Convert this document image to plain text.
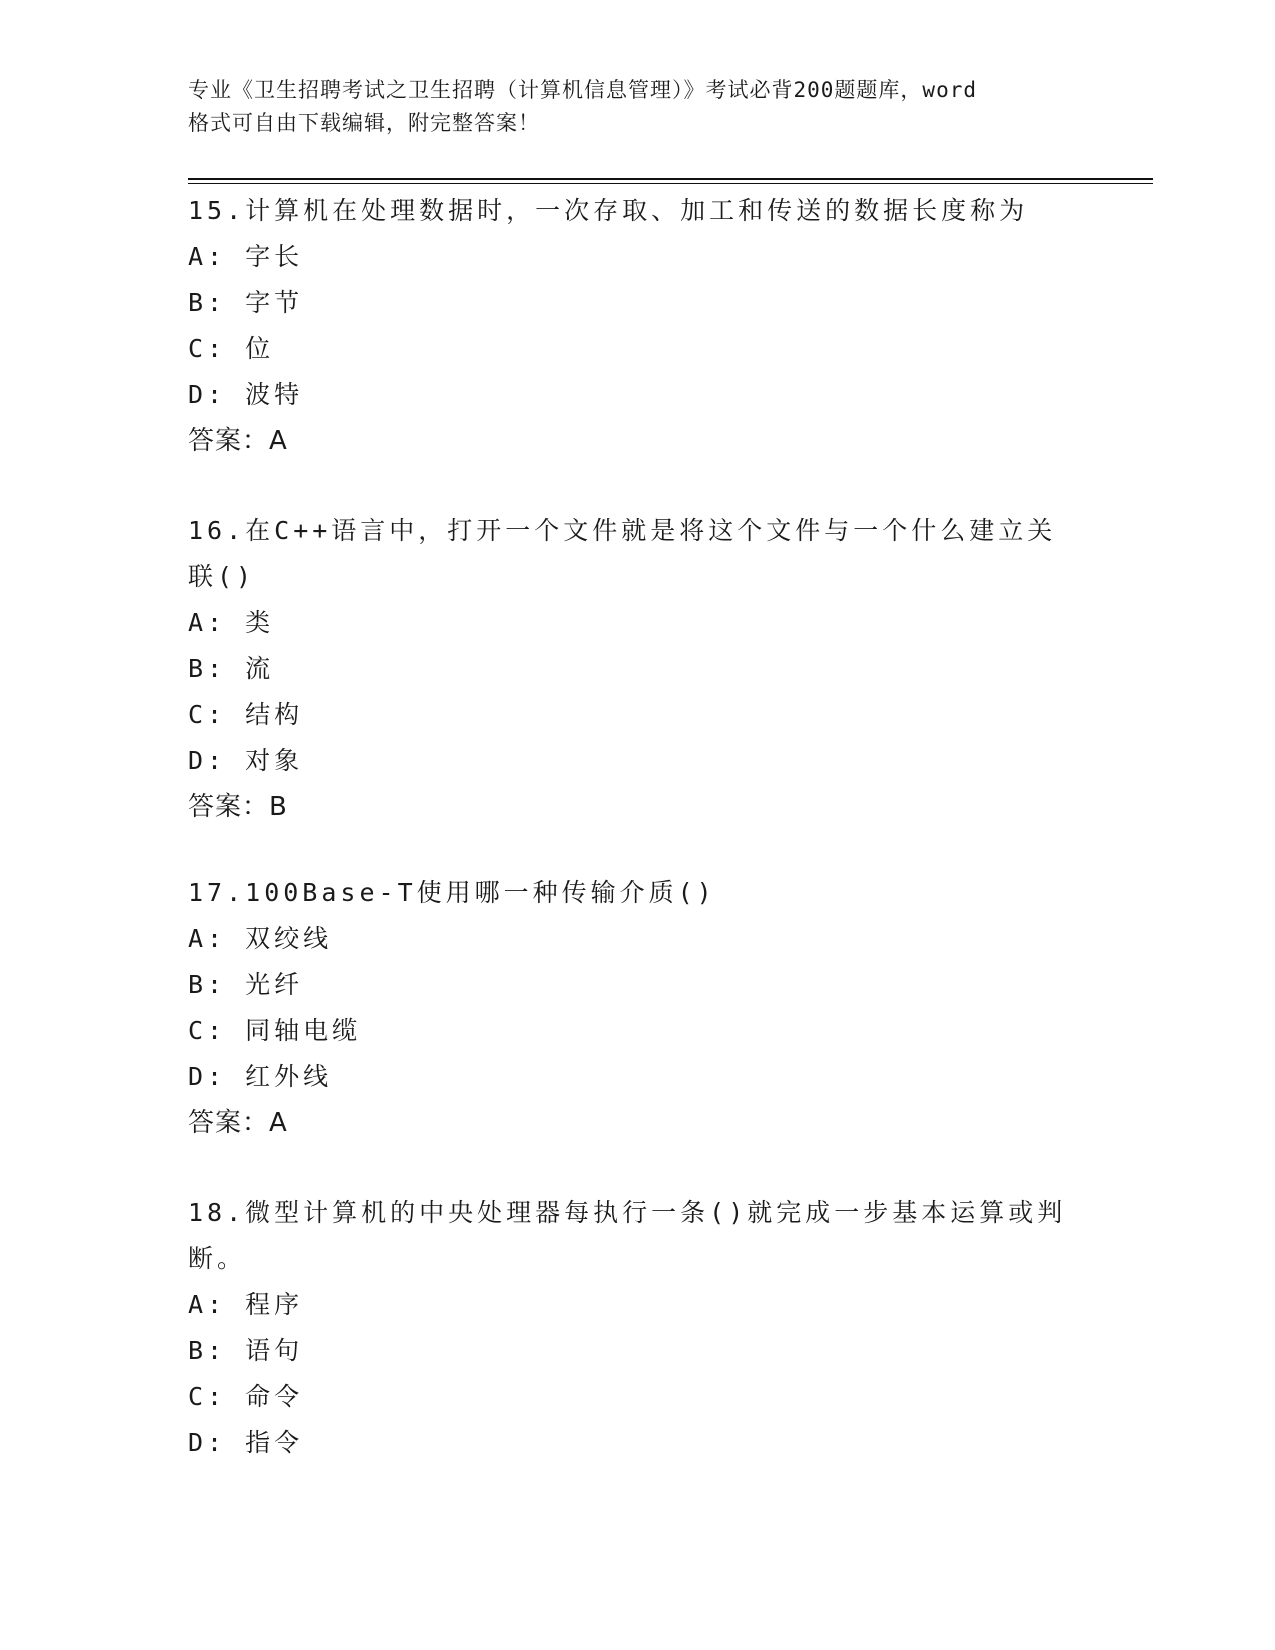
专业《卫生招聘考试之卫生招聘（计算机信息管理）》考试必背200题题库，word
格式可自由下载编辑，附完整答案！
15.计算机在处理数据时，一次存取、加工和传送的数据长度称为
A: 字长
B: 字节
C: 位
D: 波特
答案：A
16.在C++语言中，打开一个文件就是将这个文件与一个什么建立关联()
A: 类
B: 流
C: 结构
D: 对象
答案：B
17.100Base-T使用哪一种传输介质()
A: 双绞线
B: 光纤
C: 同轴电缆
D: 红外线
答案：A
18.微型计算机的中央处理器每执行一条()就完成一步基本运算或判断。
A: 程序
B: 语句
C: 命令
D: 指令
